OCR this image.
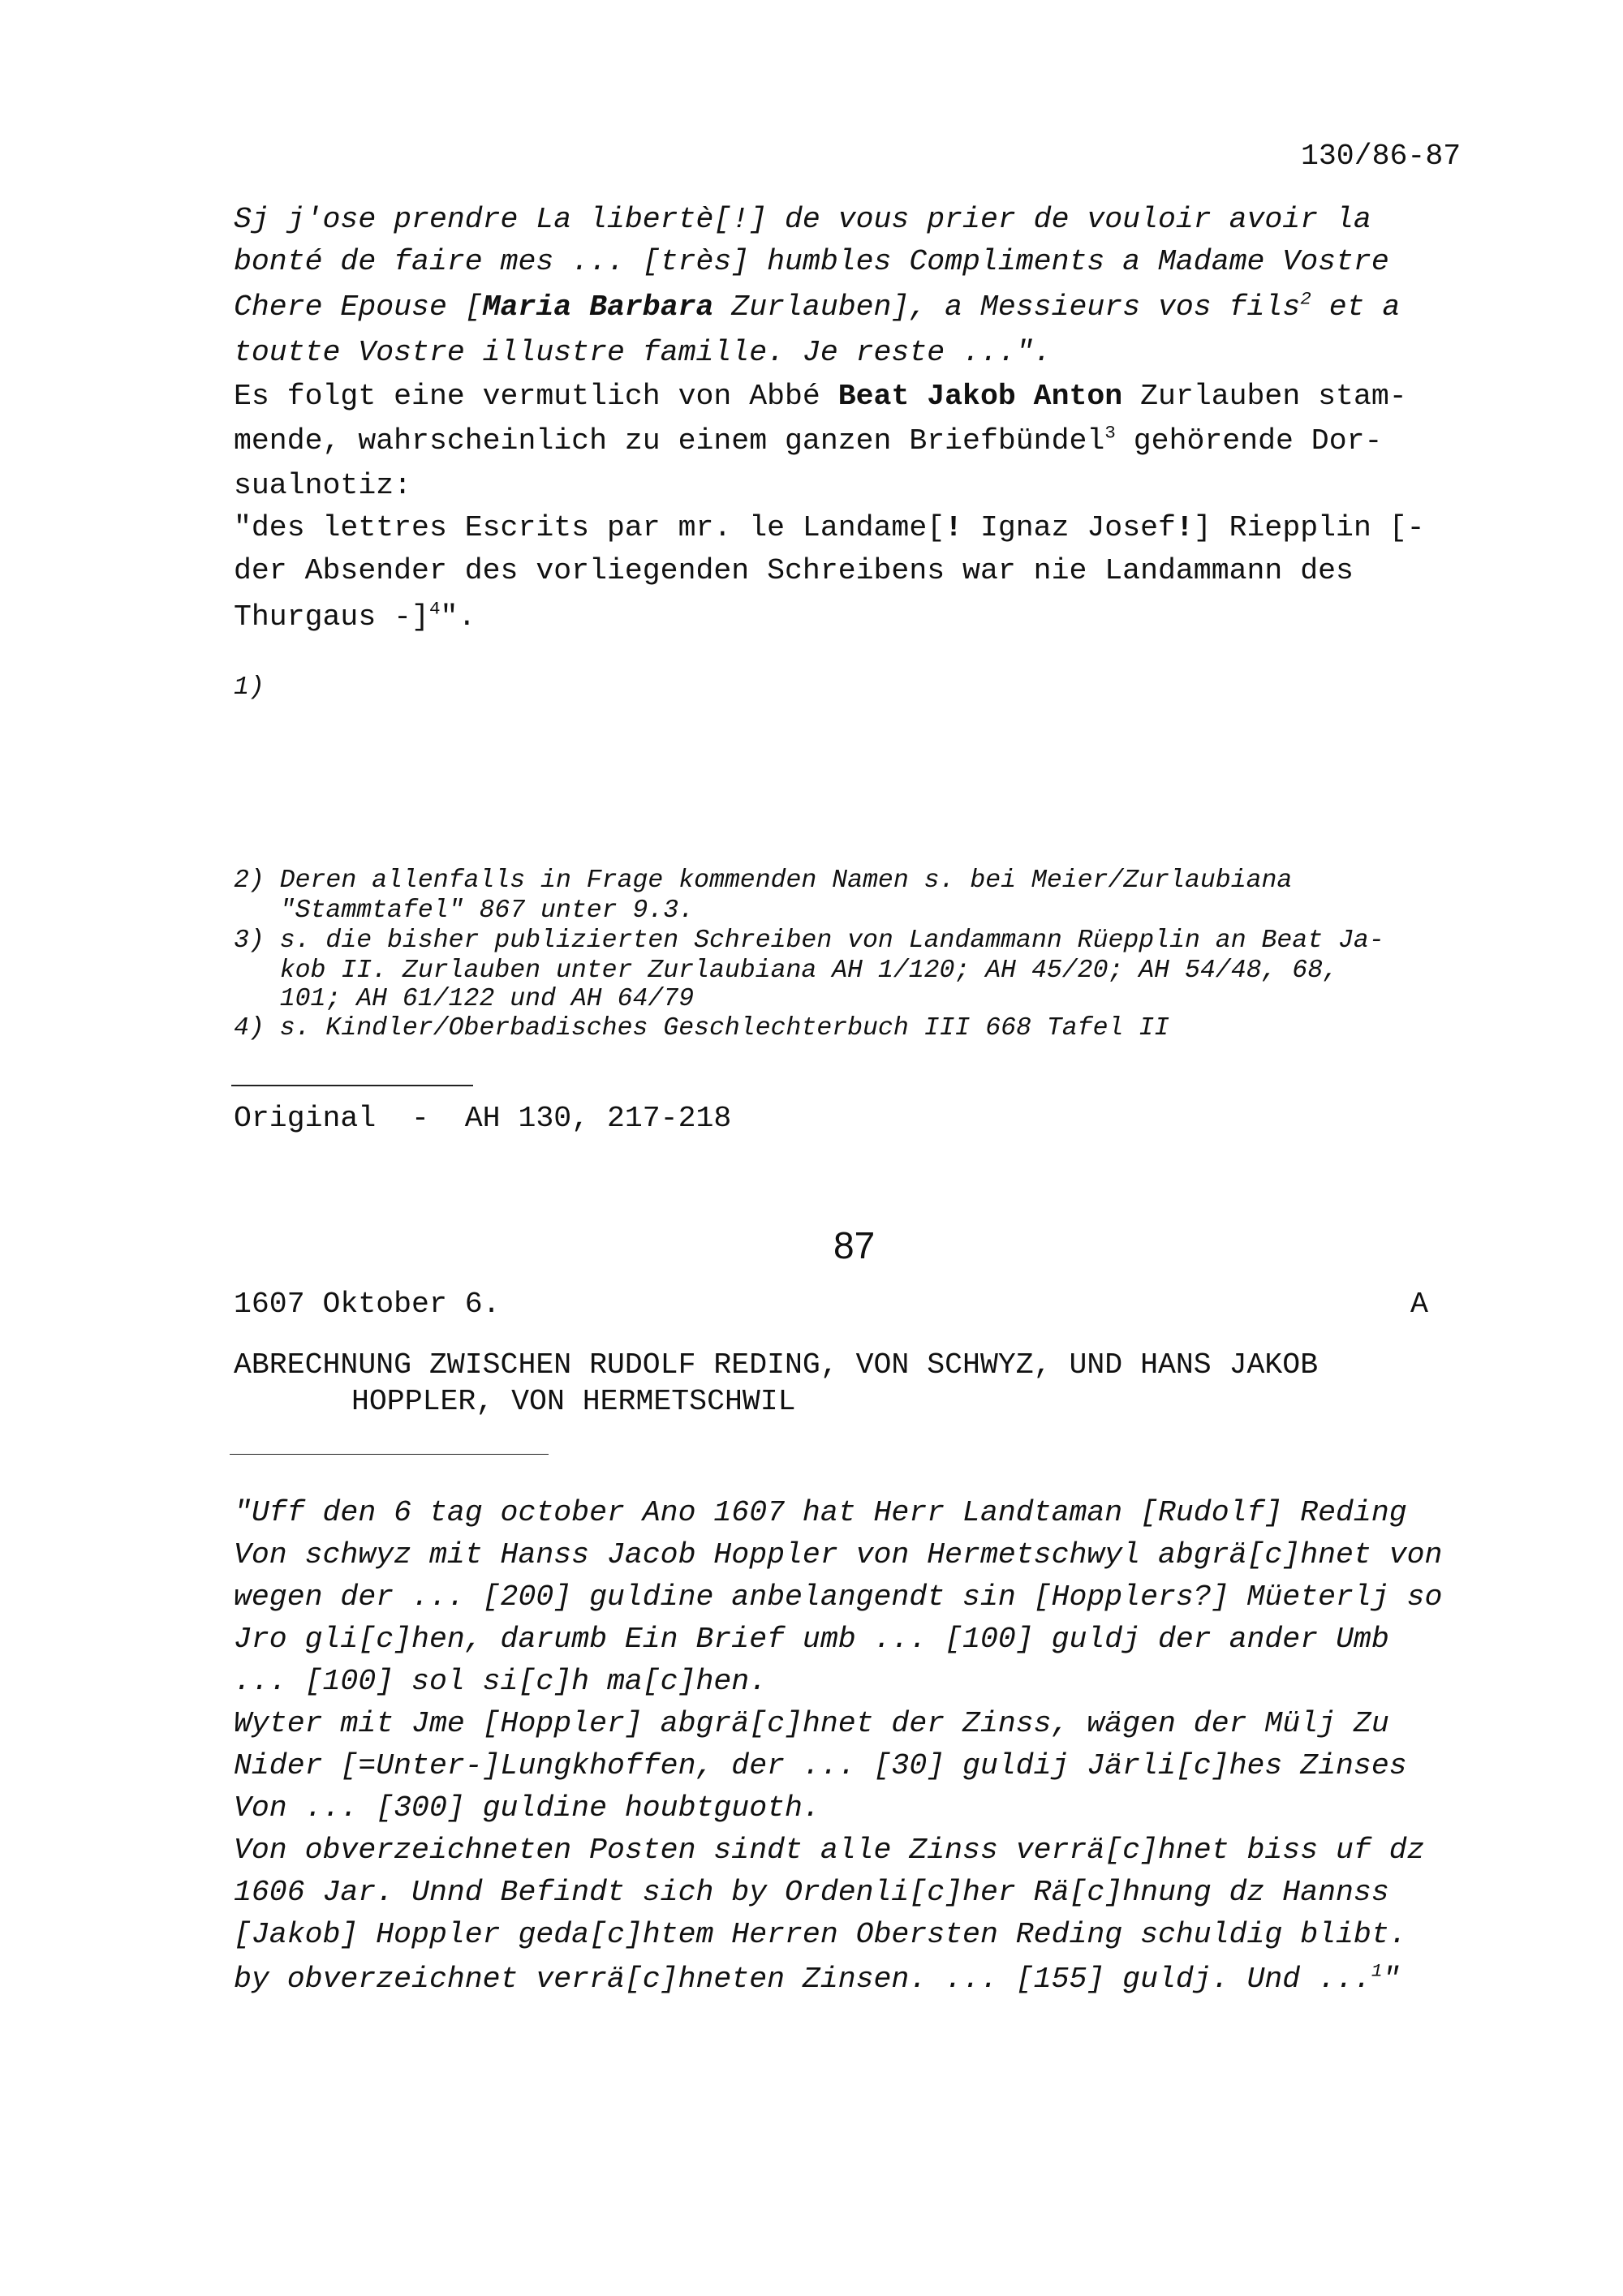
130/86-87
Sj j'ose prendre La libertè[!] de vous prier de vouloir avoir la
bonté de faire mes ... [très] humbles Compliments a Madame Vostre
Chere Epouse [Maria Barbara Zurlauben], a Messieurs vos fils$^2$ et a
toutte Vostre illustre famille. Je reste ...".
Es folgt eine vermutlich von Abbé Beat Jakob Anton Zurlauben stam-
mende, wahrscheinlich zu einem ganzen Briefbündel$^3$ gehörende Dor-
sualnotiz:
"des lettres Escrits par mr. le Landame[! Ignaz Josef!] Riepplin [-
der Absender des vorliegenden Schreibens war nie Landammann des
Thurgaus -]$^4$".
1)
2) Deren allenfalls in Frage kommenden Namen s. bei Meier/Zurlaubiana
"Stammtafel" 867 unter 9.3.
3) s. die bisher publizierten Schreiben von Landammann Rüepplin an Beat Ja-
kob II. Zurlauben unter Zurlaubiana AH 1/120; AH 45/20; AH 54/48, 68,
101; AH 61/122 und AH 64/79
4) s. Kindler/Oberbadisches Geschlechterbuch III 668 Tafel II
Original  -  AH 130, 217-218
87
1607 Oktober 6.	A
ABRECHNUNG ZWISCHEN RUDOLF REDING, VON SCHWYZ, UND HANS JAKOB
HOPPLER, VON HERMETSCHWIL
"Uff den 6 tag october Ano 1607 hat Herr Landtaman [Rudolf] Reding
Von schwyz mit Hanss Jacob Hoppler von Hermetschwyl abgrä[c]hnet von
wegen der ... [200] guldine anbelangendt sin [Hopplers?] Müeterlj so
Jro gli[c]hen, darumb Ein Brief umb ... [100] guldj der ander Umb
... [100] sol si[c]h ma[c]hen.
Wyter mit Jme [Hoppler] abgrä[c]hnet der Zinss, wägen der Mülj Zu
Nider [=Unter-]Lungkhoffen, der ... [30] guldij Järli[c]hes Zinses
Von ... [300] guldine houbtguoth.
Von obverzeichneten Posten sindt alle Zinss verrä[c]hnet biss uf dz
1606 Jar. Unnd Befindt sich by Ordenli[c]her Rä[c]hnung dz Hannss
[Jakob] Hoppler geda[c]htem Herren Obersten Reding schuldig blibt.
by obverzeichnet verrä[c]hneten Zinsen. ... [155] guldj. Und ...$^1$"
